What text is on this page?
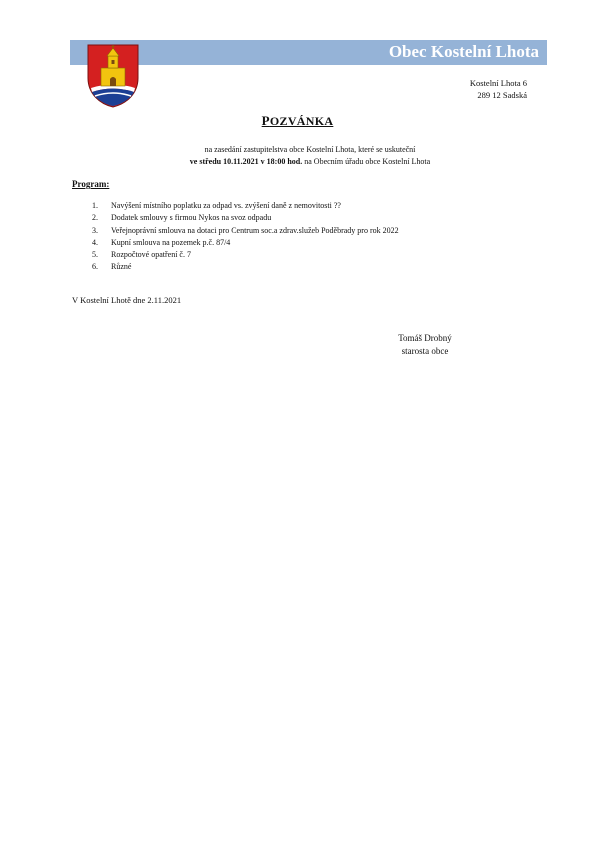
Obec Kostelní Lhota
Kostelní Lhota 6
289 12 Sadská
POZVÁNKA
na zasedání zastupitelstva obce Kostelní Lhota, které se uskuteční
ve středu 10.11.2021 v 18:00 hod. na Obecním úřadu obce Kostelní Lhota
Program:
1. Navýšení místního poplatku za odpad vs. zvýšení daně z nemovitosti ??
2. Dodatek smlouvy s firmou Nykos na svoz odpadu
3. Veřejnoprávní smlouva na dotaci pro Centrum soc.a zdrav.služeb Poděbrady pro rok 2022
4. Kupní smlouva na pozemek p.č. 87/4
5. Rozpočtové opatření č. 7
6. Různé
V Kostelní Lhotě dne 2.11.2021
Tomáš Drobný
starosta obce
